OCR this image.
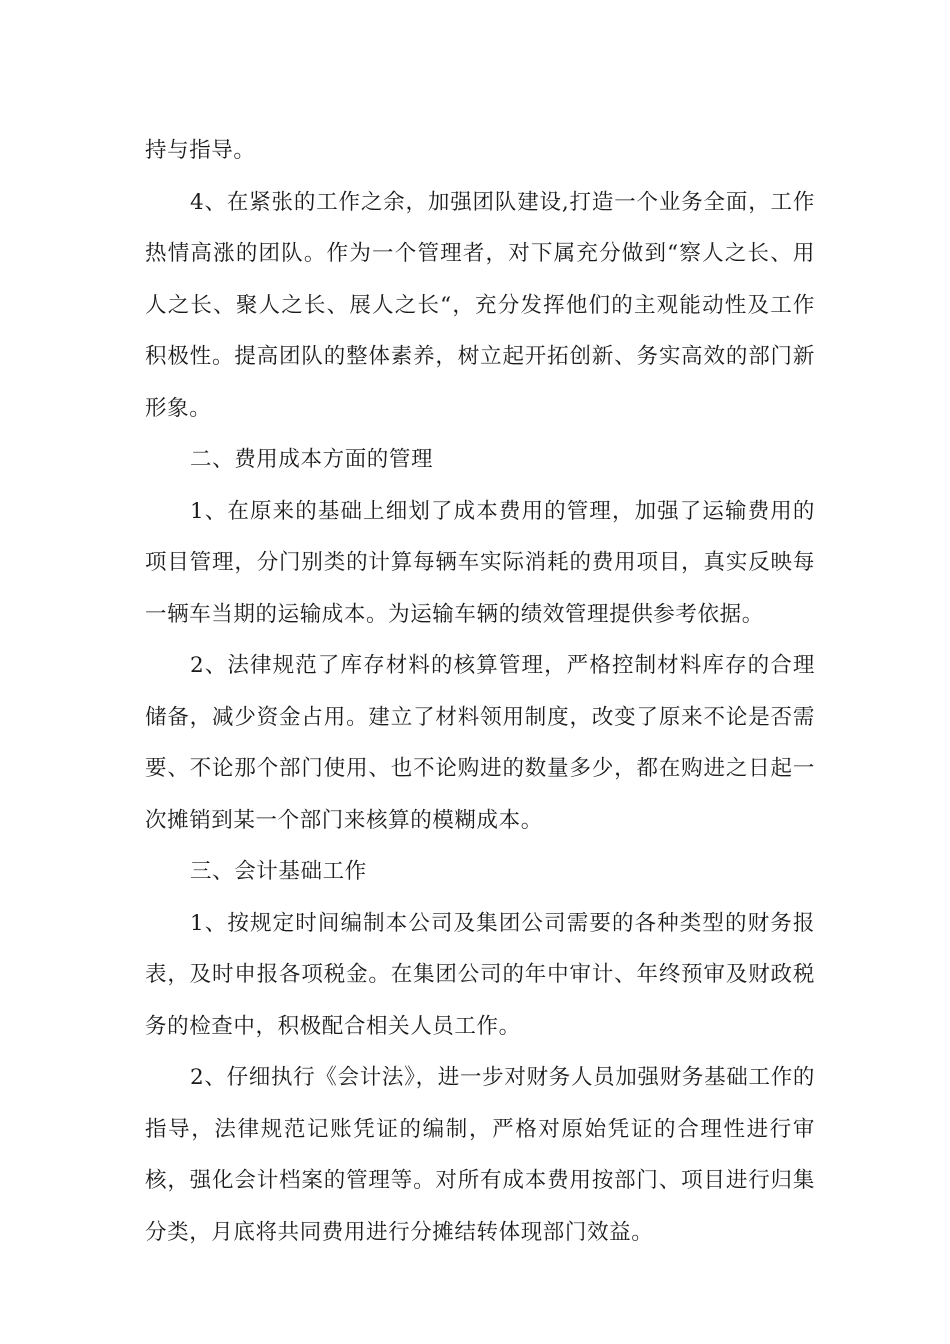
持与指导。

4、在紧张的工作之余，加强团队建设,打造一个业务全面，工作热情高涨的团队。作为一个管理者，对下属充分做到“察人之长、用人之长、聚人之长、展人之长“，充分发挥他们的主观能动性及工作积极性。提高团队的整体素养，树立起开拓创新、务实高效的部门新形象。

二、费用成本方面的管理

1、在原来的基础上细划了成本费用的管理，加强了运输费用的项目管理，分门别类的计算每辆车实际消耗的费用项目，真实反映每一辆车当期的运输成本。为运输车辆的绩效管理提供参考依据。

2、法律规范了库存材料的核算管理，严格控制材料库存的合理储备，减少资金占用。建立了材料领用制度，改变了原来不论是否需要、不论那个部门使用、也不论购进的数量多少，都在购进之日起一次摊销到某一个部门来核算的模糊成本。

三、会计基础工作

1、按规定时间编制本公司及集团公司需要的各种类型的财务报表，及时申报各项税金。在集团公司的年中审计、年终预审及财政税务的检查中，积极配合相关人员工作。

2、仔细执行《会计法》，进一步对财务人员加强财务基础工作的指导，法律规范记账凭证的编制，严格对原始凭证的合理性进行审核，强化会计档案的管理等。对所有成本费用按部门、项目进行归集分类，月底将共同费用进行分摊结转体现部门效益。
